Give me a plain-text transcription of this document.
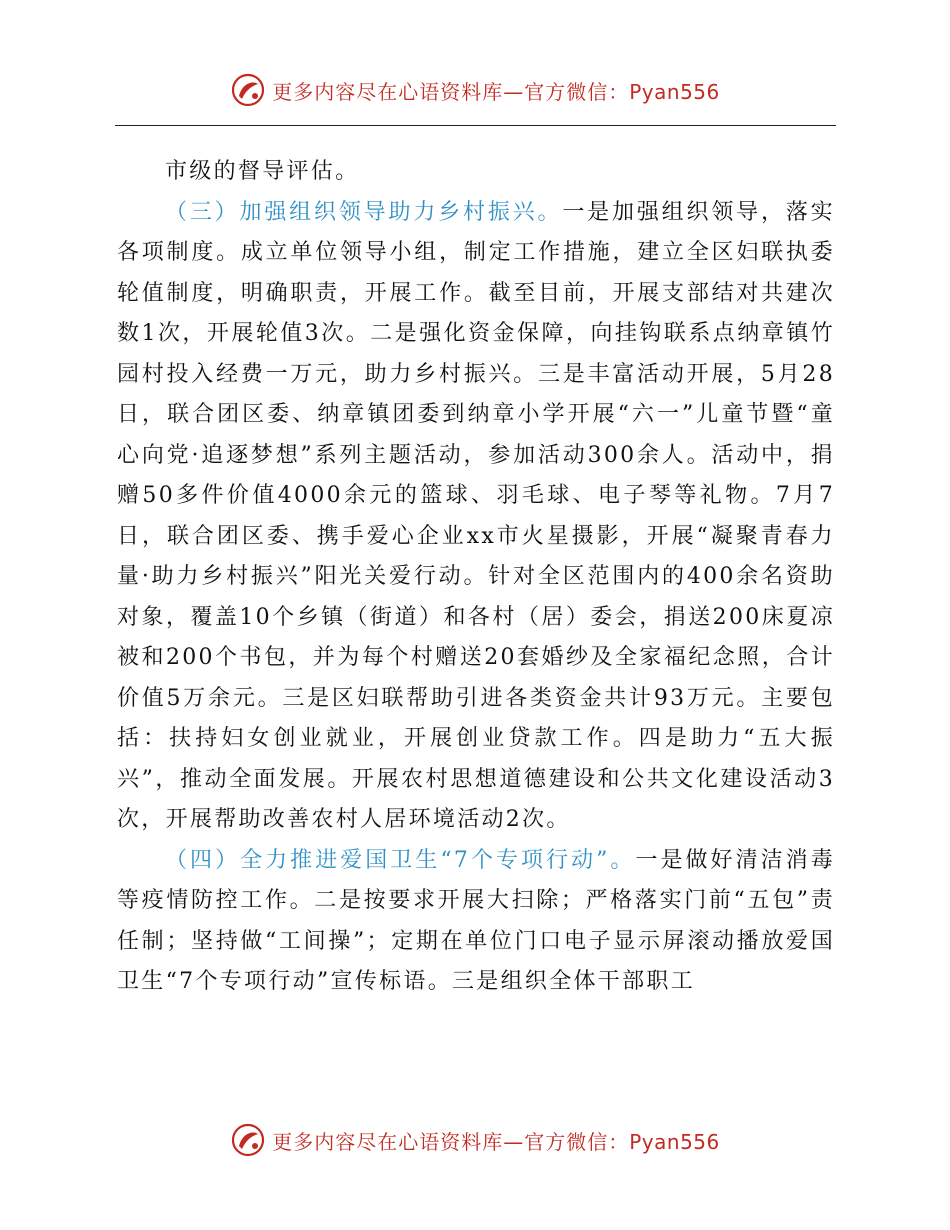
更多内容尽在心语资料库—官方微信：Pyan556

市级的督导评估。

（三）加强组织领导助力乡村振兴。一是加强组织领导，落实各项制度。成立单位领导小组，制定工作措施，建立全区妇联执委轮值制度，明确职责，开展工作。截至目前，开展支部结对共建次数1次，开展轮值3次。二是强化资金保障，向挂钩联系点纳章镇竹园村投入经费一万元，助力乡村振兴。三是丰富活动开展，5月28日，联合团区委、纳章镇团委到纳章小学开展“六一”儿童节暨“童心向党·追逐梦想”系列主题活动，参加活动300余人。活动中，捐赠50多件价值4000余元的篮球、羽毛球、电子琴等礼物。7月7日，联合团区委、携手爱心企业xx市火星摄影，开展“凝聚青春力量·助力乡村振兴”阳光关爱行动。针对全区范围内的400余名资助对象，覆盖10个乡镇（街道）和各村（居）委会，捐送200床夏凉被和200个书包，并为每个村赠送20套婚纱及全家福纪念照，合计价值5万余元。三是区妇联帮助引进各类资金共计93万元。主要包括：扶持妇女创业就业，开展创业贷款工作。四是助力“五大振兴”，推动全面发展。开展农村思想道德建设和公共文化建设活动3次，开展帮助改善农村人居环境活动2次。

（四）全力推进爱国卫生“7个专项行动”。一是做好清洁消毒等疫情防控工作。二是按要求开展大扫除；严格落实门前“五包”责任制；坚持做“工间操”；定期在单位门口电子显示屏滚动播放爱国卫生“7个专项行动”宣传标语。三是组织全体干部职工

更多内容尽在心语资料库—官方微信：Pyan556
